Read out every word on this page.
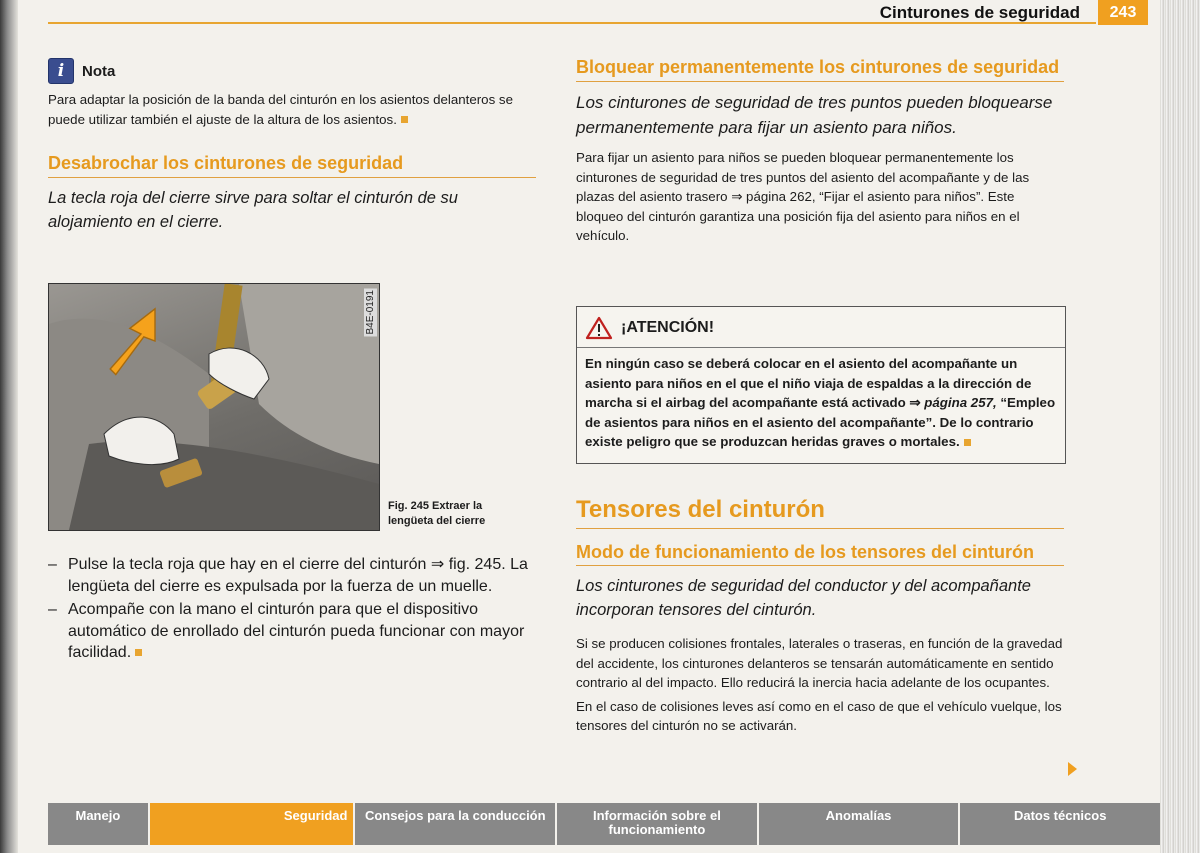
Cinturones de seguridad	243
i	Nota

Para adaptar la posición de la banda del cinturón en los asientos delanteros se puede utilizar también el ajuste de la altura de los asientos.

Desabrochar los cinturones de seguridad

La tecla roja del cierre sirve para soltar el cinturón de su alojamiento en el cierre.

B4E-0191
Fig. 245 Extraer la lengüeta del cierre
– Pulse la tecla roja que hay en el cierre del cinturón ⇒ fig. 245. La lengüeta del cierre es expulsada por la fuerza de un muelle.
– Acompañe con la mano el cinturón para que el dispositivo automático de enrollado del cinturón pueda funcionar con mayor facilidad.
Bloquear permanentemente los cinturones de seguridad

Los cinturones de seguridad de tres puntos pueden bloquearse permanentemente para fijar un asiento para niños.

Para fijar un asiento para niños se pueden bloquear permanentemente los cinturones de seguridad de tres puntos del asiento del acompañante y de las plazas del asiento trasero ⇒ página 262, “Fijar el asiento para niños”. Este bloqueo del cinturón garantiza una posición fija del asiento para niños en el vehículo.

¡ATENCIÓN!

En ningún caso se deberá colocar en el asiento del acompañante un asiento para niños en el que el niño viaja de espaldas a la dirección de marcha si el airbag del acompañante está activado ⇒ página 257, “Empleo de asientos para niños en el asiento del acompañante”. De lo contrario existe peligro que se produzcan heridas graves o mortales.

Tensores del cinturón
Modo de funcionamiento de los tensores del cinturón

Los cinturones de seguridad del conductor y del acompañante incorporan tensores del cinturón.

Si se producen colisiones frontales, laterales o traseras, en función de la gravedad del accidente, los cinturones delanteros se tensarán automáticamente en sentido contrario al del impacto. Ello reducirá la inercia hacia adelante de los ocupantes.

En el caso de colisiones leves así como en el caso de que el vehículo vuelque, los tensores del cinturón no se activarán.

Manejo	Seguridad	Consejos para la conducción	Información sobre el funcionamiento
Anomalías	Datos técnicos
